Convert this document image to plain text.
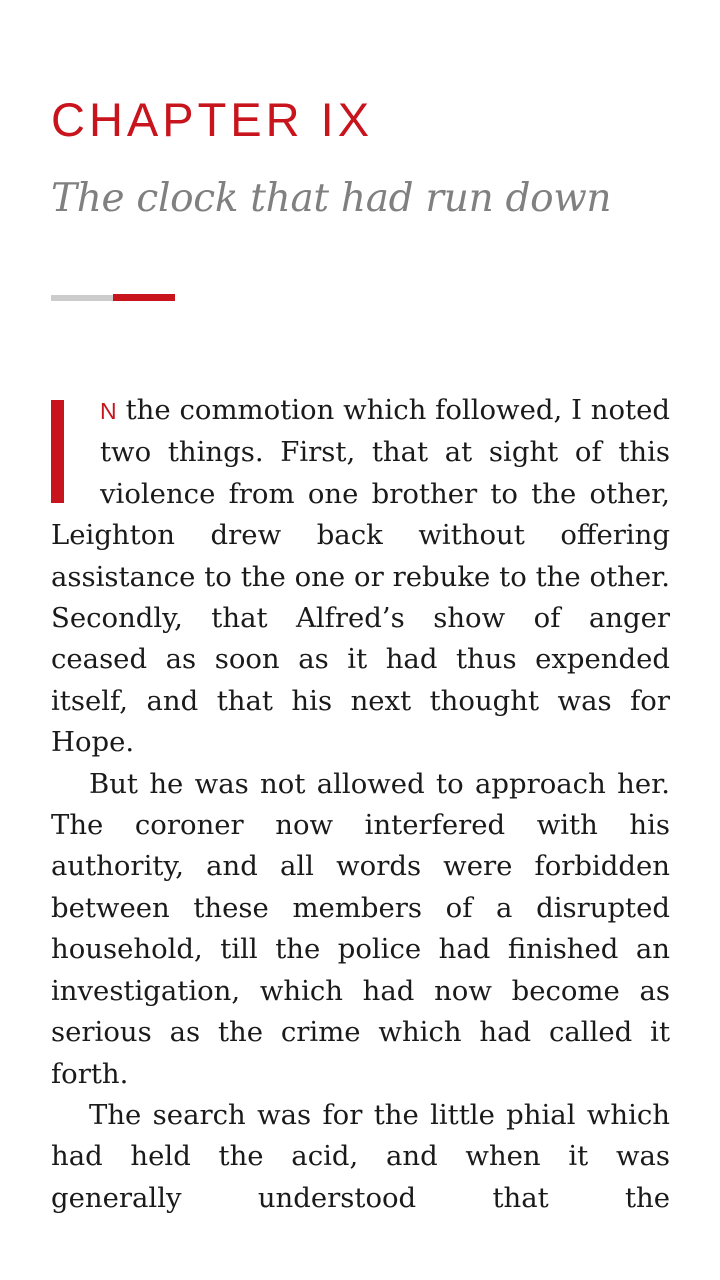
CHAPTER IX
The clock that had run down

N the commotion which followed, I noted two things. First, that at sight of this violence from one brother to the other, Leighton drew back without offering assistance to the one or rebuke to the other. Secondly, that Alfred’s show of anger ceased as soon as it had thus expended itself, and that his next thought was for Hope.

But he was not allowed to approach her. The coroner now interfered with his authority, and all words were forbidden between these members of a disrupted household, till the police had finished an investigation, which had now become as serious as the crime which had called it forth.

The search was for the little phial which had held the acid, and when it was generally understood that the
